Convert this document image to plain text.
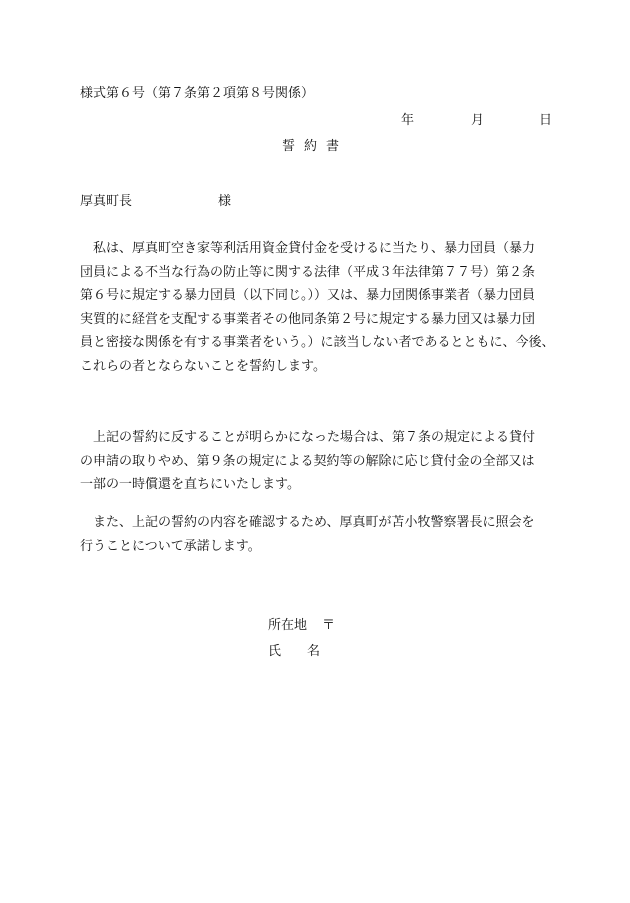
様式第６号（第７条第２項第８号関係）
年	月	日
誓 約 書
厚真町長	様
　私は、厚真町空き家等利活用資金貸付金を受けるに当たり、暴力団員（暴力
団員による不当な行為の防止等に関する法律（平成３年法律第７７号）第２条
第６号に規定する暴力団員（以下同じ。））又は、暴力団関係事業者（暴力団員
実質的に経営を支配する事業者その他同条第２号に規定する暴力団又は暴力団
員と密接な関係を有する事業者をいう。）に該当しない者であるとともに、今後、
これらの者とならないことを誓約します。
　上記の誓約に反することが明らかになった場合は、第７条の規定による貸付
の申請の取りやめ、第９条の規定による契約等の解除に応じ貸付金の全部又は
一部の一時償還を直ちにいたします。
　また、上記の誓約の内容を確認するため、厚真町が苫小牧警察署長に照会を
行うことについて承諾します。
所在地 〒
氏 名
